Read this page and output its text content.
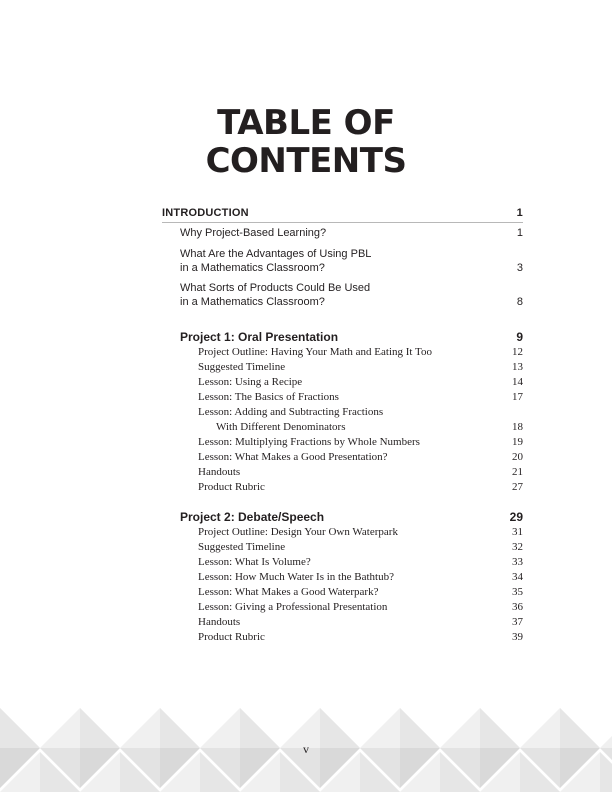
TABLE OF
CONTENTS
INTRODUCTION	1
Why Project-Based Learning?	1
What Are the Advantages of Using PBL
in a Mathematics Classroom?	3
What Sorts of Products Could Be Used
in a Mathematics Classroom?	8
Project 1: Oral Presentation	9
Project Outline: Having Your Math and Eating It Too	12
Suggested Timeline	13
Lesson: Using a Recipe	14
Lesson: The Basics of Fractions	17
Lesson: Adding and Subtracting Fractions
With Different Denominators	18
Lesson: Multiplying Fractions by Whole Numbers	19
Lesson: What Makes a Good Presentation?	20
Handouts	21
Product Rubric	27
Project 2: Debate/Speech	29
Project Outline: Design Your Own Waterpark	31
Suggested Timeline	32
Lesson: What Is Volume?	33
Lesson: How Much Water Is in the Bathtub?	34
Lesson: What Makes a Good Waterpark?	35
Lesson: Giving a Professional Presentation	36
Handouts	37
Product Rubric	39
v
